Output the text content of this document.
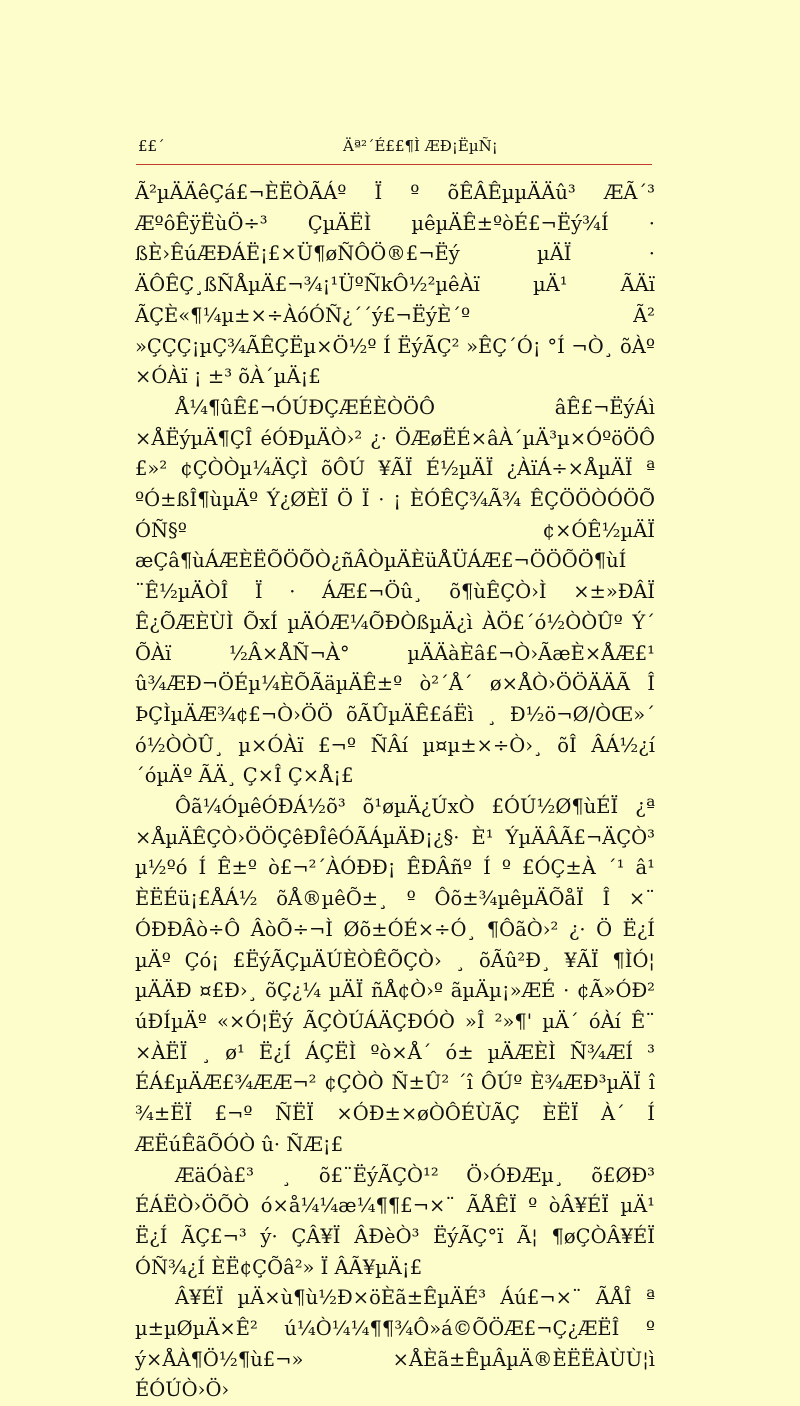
££´	Äª²´É££¶Ì ÆÐ¡ËµÑ¡

Ã²µÄÄêÇá£¬ÈËÒÃÁº Ï º õÊÂÊµµÄÄû³ ÆÃ´³ ÆºôÊÿËùÖ÷³ ÇµÄËÌ µêµÄÊ±ºòÉ£¬Ëý¾Í · ßÈ›ÊúÆÐÁË¡£×Ü¶øÑÔÖ®£¬Ëý µÄÏ · ÄÔÊÇ¸ßÑÅµÄ£¬¾¡¹ÜºÑkÔ½²µêÀï µÄ¹ ÃÄï ÃÇÈ«¶¼µ±×÷ÀóÓÑ¿´´ý£¬ËýÈ´º Ã² »ÇÇÇ¡µÇ¾ÃÊÇËµ×Ö½º Í ËýÃÇ² »ÊÇ´Ó¡ °Í ¬Ò¸ õÀº ×ÓÀï ¡ ±³ õÀ´µÄ¡£

Å¼¶ûÊ£¬ÓÚÐÇÆÉÈÒÖÔ âÊ£¬ËýÁì ×ÅËýµÄ¶ÇÎ éÓÐµÄÒ›² ¿· ÖÆøËÉ×âÀ´µÄ³µ×ÓºöÖÔ £»² ¢ÇÒÒµ¼ÄÇÌ õÔÚ ¥ÃÏ É½µÄÏ ¿ÀïÁ÷×ÅµÄÏ ª ºÓ±ßÎ¶ùµÄº Ý¿ØÈÏ Ö Ï · ¡ ÈÓÊÇ¾Ã¾ ÊÇÖÖÒÓÖÕ ÓÑ§º ¢×ÓÊ½µÄÏ æÇâ¶ùÁÆÈËÕÖÕÒ¿ñÂÒµÄÈüÅÜÁÆ£¬ÖÖÕÖ¶ùÍ ¨Ê½µÄÒÎ Ï · ÁÆ£¬Öû¸ õ¶ùÊÇÒ›Ì ×±»ÐÂÏ Ê¿ÕÆÈÙÌ ÕxÍ µÄÓÆ¼ÕÐÒßµÄ¿ì ÀÖ£´ó½ÒÒÛº Ý´ ÕÀï ½Â×ÅÑ¬À° µÄÄàÈâ£¬Ò›ÃæÈ×ÅÆ£¹ û¾ÆÐ¬ÖÉµ¼ÈÕÃäµÄÊ±º ò²´Å´ ø×ÅÒ›ÖÖÄÄÃ Î ÞÇÌµÄÆ¾¢£¬Ò›ÖÖ õÃÛµÄÊ£áËì ¸ Ð½ö¬Ø/ÒŒ»´ ó½ÒÒÛ¸ µ×ÓÀï £¬º ÑÂí µ¤µ±×÷Ò›¸ õÎ ÂÁ½¿í ´óµÄº ÃÄ¸ Ç×Î Ç×Å¡£

Ôã¼ÓµêÓÐÁ½õ³ õ¹øµÄ¿ÚxÒ £ÓÚ½Ø¶ùÉÏ ¿ª ×ÅµÄÊÇÒ›ÖÖÇêÐÎêÓÃÁµÄÐ¡¿§· È¹ ÝµÄÂÃ£¬ÄÇÒ³ µ½ºó Í Ê±º ò£¬²´ÀÓÐÐ¡ ÊÐÂñº Í º £ÓÇ±À ´¹ â¹ ÈËÉü¡£ÅÁ½ õÅ®µêÕ±¸ º Ôõ±¾µêµÄÕåÏ Î ×¨ ÓÐÐÂò÷Ô ÂòÕ÷¬Ì Øõ±ÓÉ×÷Ó¸ ¶ÔãÒ›² ¿· Ö Ë¿Í µÄº Çó¡ £ËýÃÇµÄÚÈÒÊÕÇÒ› ¸ õÃû²Ð¸ ¥ÃÏ ¶ÌÓ¦ µÄÄÐ ¤£Ð›¸ õÇ¿¼ µÄÏ ñÅ¢Ò›º ãµÄµ¡»ÆÉ · ¢Ã»ÓÐ² úÐÍµÄº «×Ó¦Ëý ÃÇÒÚÁÄÇÐÓÒ »Î ²»¶' µÄ´ óÀí Ê¨ ×ÀËÏ ¸ ø¹ Ë¿Í ÁÇËÌ ºò×Å´ ó± µÄÆÈÌ Ñ¾ÆÍ ³ ÉÁ£µÄÆ£¾ÆÆ¬² ¢ÇÒÒ Ñ±Û² ´î ÔÚº È¾ÆÐ³µÄÏ î ¾±ËÏ £¬º ÑËÏ ×ÓÐ±×øÒÔÉÙÃÇ ÈËÏ À´ Í ÆËúÊãÕÓÒ û· ÑÆ¡£

ÆäÓà£³ ¸ õ£¨ËýÃÇÒ¹² Ö›ÓÐÆµ¸ õ£ØÐ³ ÉÁËÒ›ÖÕÒ ó×å¼¼æ¼¶¶£¬×¨ ÃÅÊÏ º òÂ¥ÉÏ µÄ¹ Ë¿Í ÃÇ£¬³ ý· ÇÂ¥Ï ÂÐèÒ³ ËýÃÇ°ï Ã¦ ¶øÇÒÂ¥ÉÏ ÓÑ¾¿Í ÈË¢ÇÕâ²» Ï ÂÃ¥µÄ¡£

Â¥ÉÏ µÄ×ù¶ù½Ð×öÈã±ÊµÄÉ³ Áú£¬×¨ ÃÅÎ ª µ±µØµÄ×Ê² ú¼Ò¼¼¶¶¾Ô»á©ÕÖÆ£¬Ç¿ÆËÎ º ý×ÅÀ¶Ö½¶ù£¬» ×ÅÈã±ÊµÂµÄ®ÈËËÀÙÙ¦ì ÉÓÚÒ›Ö›
